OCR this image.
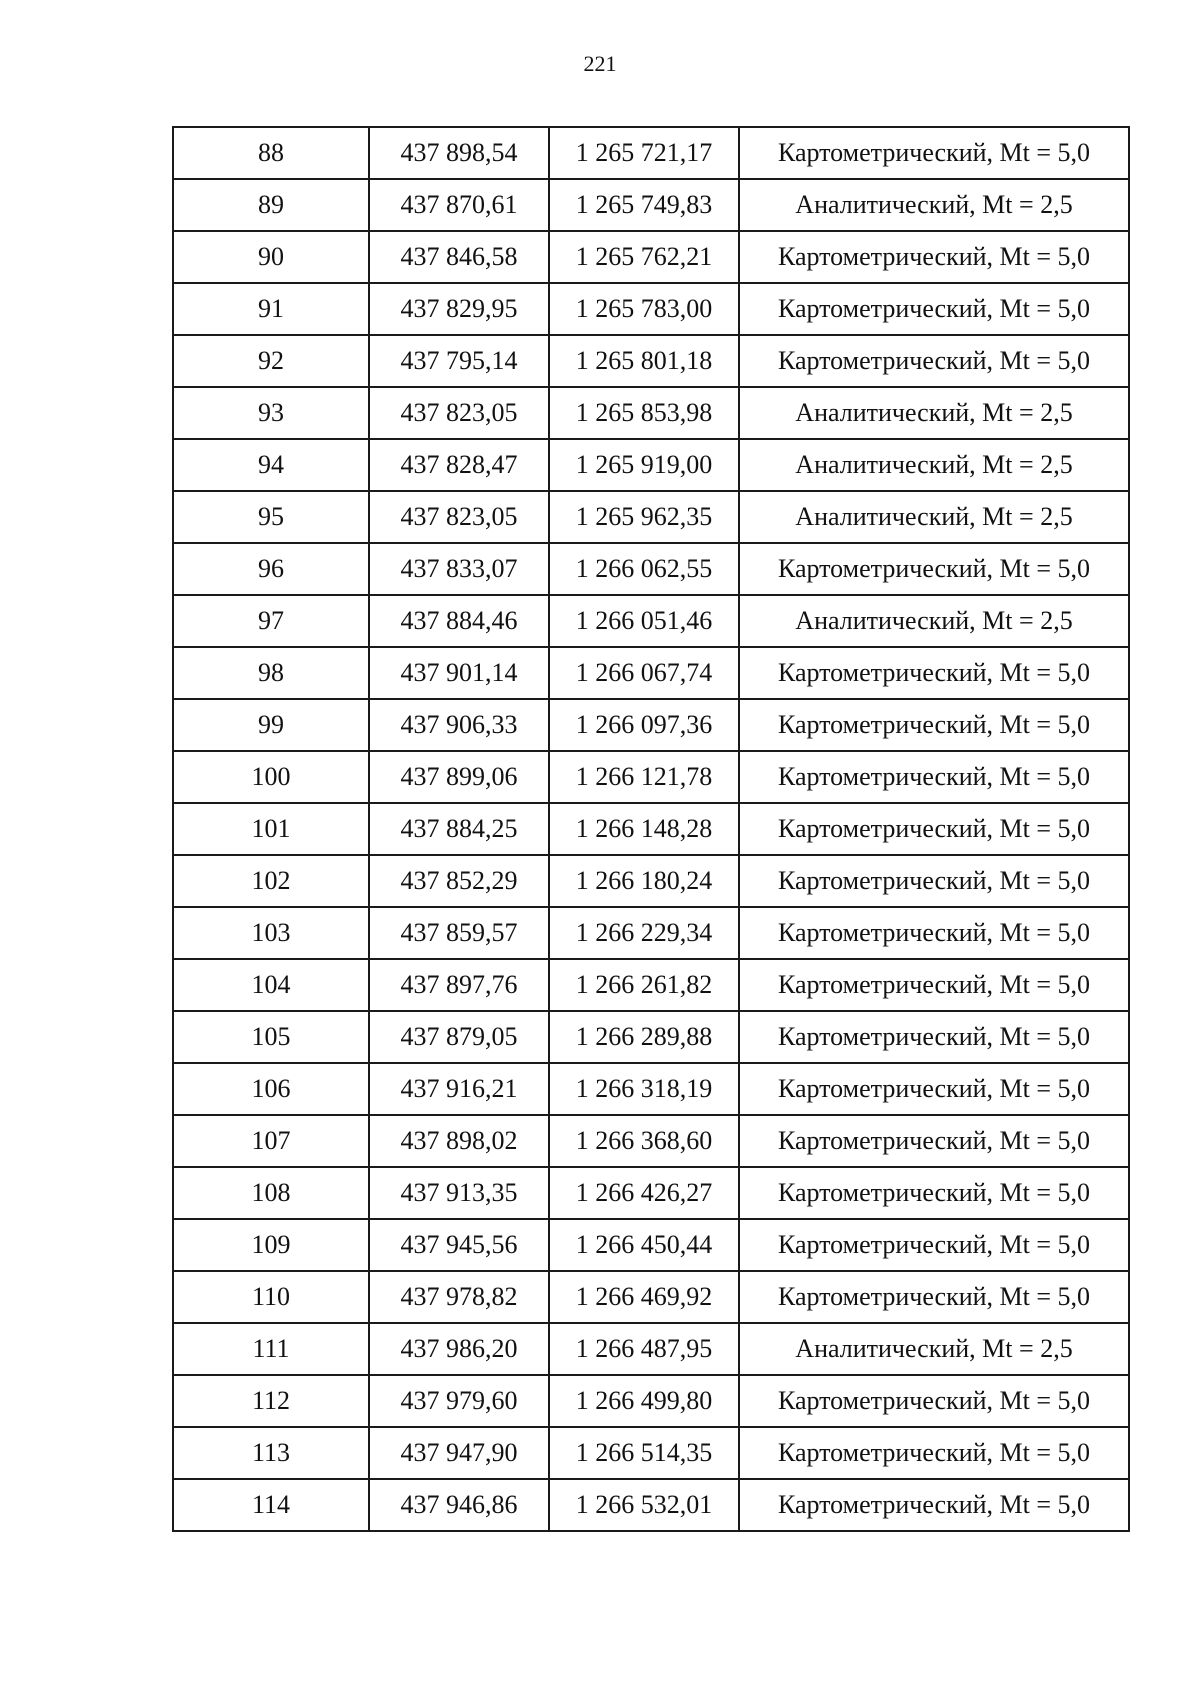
221
88	437 898,54	1 265 721,17	Картометрический, Mt = 5,0
89	437 870,61	1 265 749,83	Аналитический, Mt = 2,5
90	437 846,58	1 265 762,21	Картометрический, Mt = 5,0
91	437 829,95	1 265 783,00	Картометрический, Mt = 5,0
92	437 795,14	1 265 801,18	Картометрический, Mt = 5,0
93	437 823,05	1 265 853,98	Аналитический, Mt = 2,5
94	437 828,47	1 265 919,00	Аналитический, Mt = 2,5
95	437 823,05	1 265 962,35	Аналитический, Mt = 2,5
96	437 833,07	1 266 062,55	Картометрический, Mt = 5,0
97	437 884,46	1 266 051,46	Аналитический, Mt = 2,5
98	437 901,14	1 266 067,74	Картометрический, Mt = 5,0
99	437 906,33	1 266 097,36	Картометрический, Mt = 5,0
100	437 899,06	1 266 121,78	Картометрический, Mt = 5,0
101	437 884,25	1 266 148,28	Картометрический, Mt = 5,0
102	437 852,29	1 266 180,24	Картометрический, Mt = 5,0
103	437 859,57	1 266 229,34	Картометрический, Mt = 5,0
104	437 897,76	1 266 261,82	Картометрический, Mt = 5,0
105	437 879,05	1 266 289,88	Картометрический, Mt = 5,0
106	437 916,21	1 266 318,19	Картометрический, Mt = 5,0
107	437 898,02	1 266 368,60	Картометрический, Mt = 5,0
108	437 913,35	1 266 426,27	Картометрический, Mt = 5,0
109	437 945,56	1 266 450,44	Картометрический, Mt = 5,0
110	437 978,82	1 266 469,92	Картометрический, Mt = 5,0
111	437 986,20	1 266 487,95	Аналитический, Mt = 2,5
112	437 979,60	1 266 499,80	Картометрический, Mt = 5,0
113	437 947,90	1 266 514,35	Картометрический, Mt = 5,0
114	437 946,86	1 266 532,01	Картометрический, Mt = 5,0
